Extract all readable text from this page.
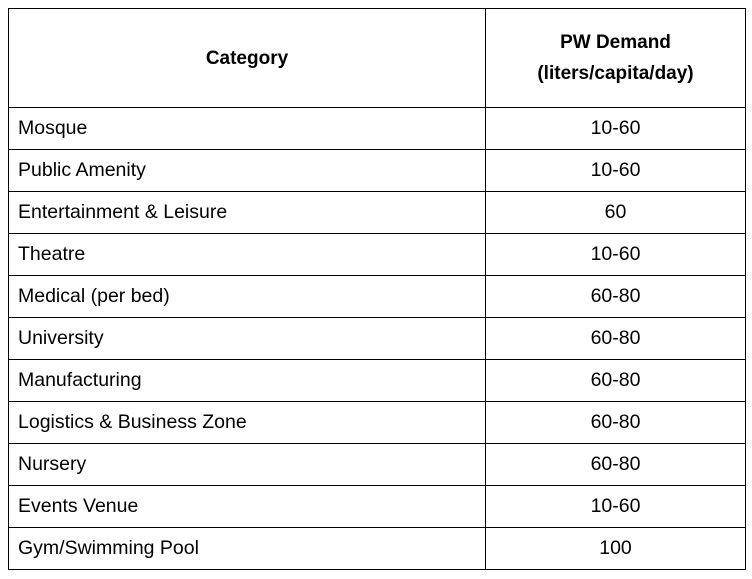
Category	PW Demand
(liters/capita/day)

Mosque	10-60
Public Amenity	10-60
Entertainment & Leisure	60
Theatre	10-60
Medical (per bed)	60-80
University	60-80
Manufacturing	60-80
Logistics & Business Zone	60-80
Nursery	60-80
Events Venue	10-60
Gym/Swimming Pool	100
